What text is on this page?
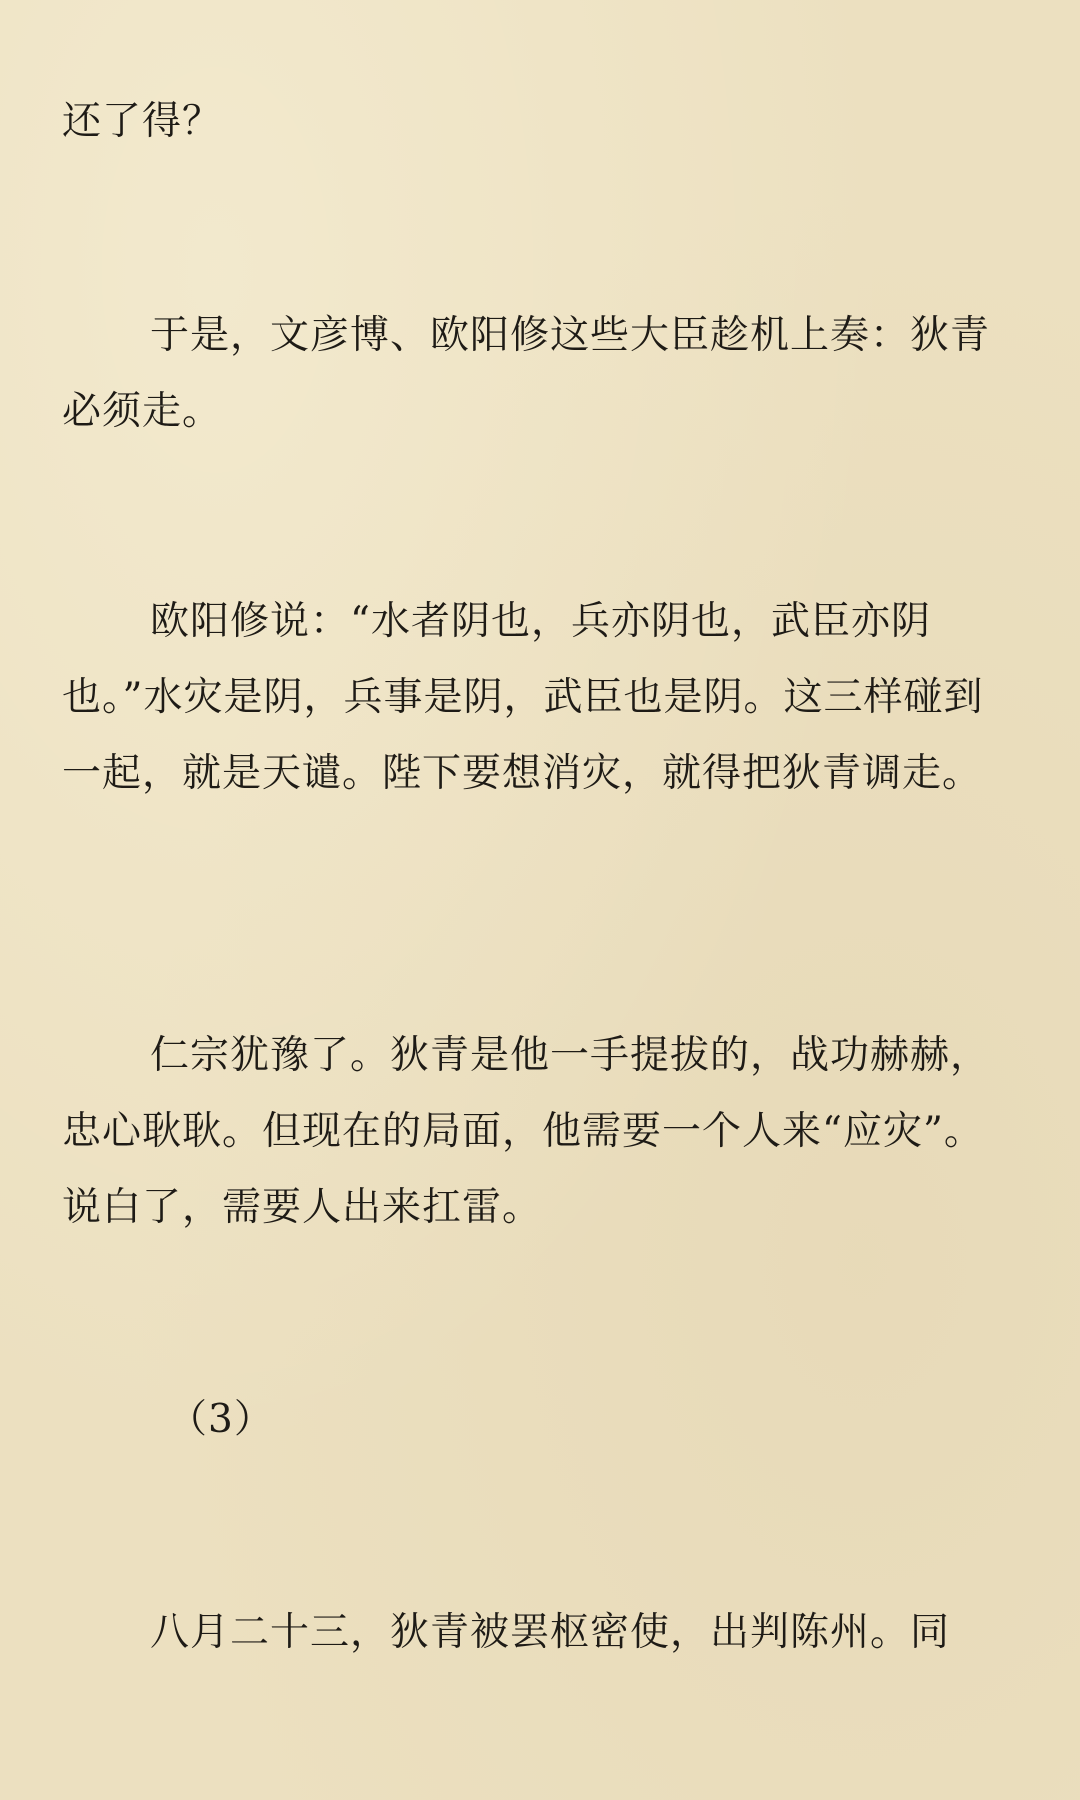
还了得？

于是，文彦博、欧阳修这些大臣趁机上奏：狄青必须走。

欧阳修说：“水者阴也，兵亦阴也，武臣亦阴也。”水灾是阴，兵事是阴，武臣也是阴。这三样碰到一起，就是天谴。陛下要想消灾，就得把狄青调走。

仁宗犹豫了。狄青是他一手提拔的，战功赫赫，忠心耿耿。但现在的局面，他需要一个人来“应灾”。说白了，需要人出来扛雷。

（3）

八月二十三，狄青被罢枢密使，出判陈州。同
